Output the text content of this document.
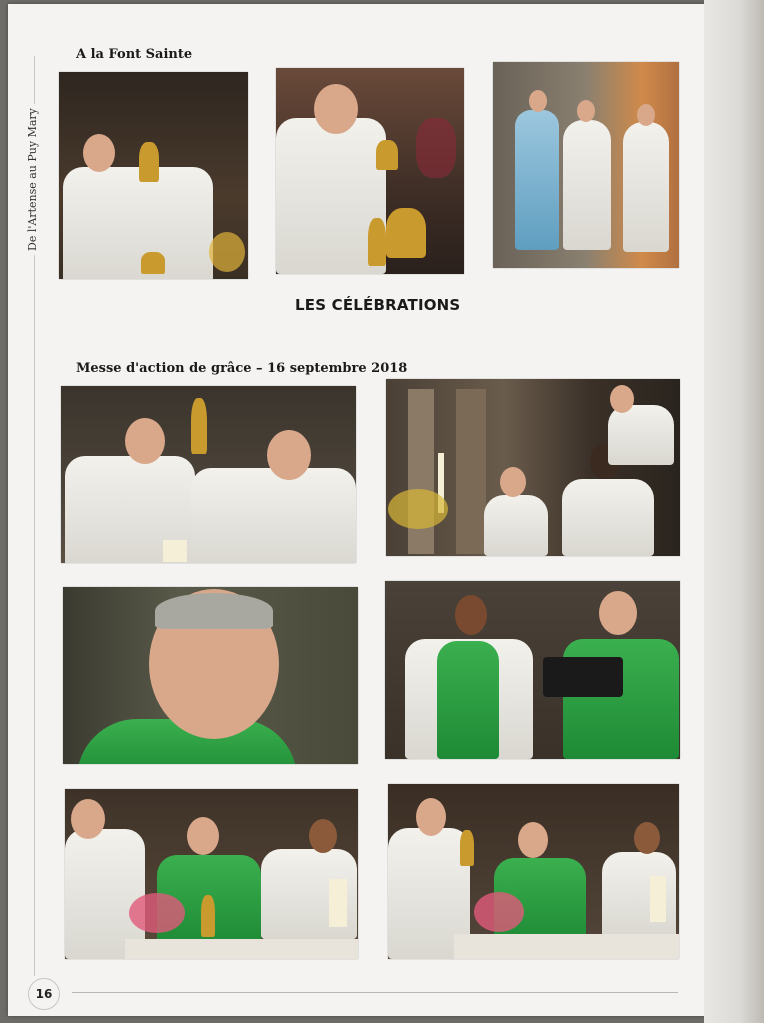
De l'Artense au Puy Mary
A la Font Sainte
LES CÉLÉBRATIONS
Messe d'action de grâce – 16 septembre 2018
16
